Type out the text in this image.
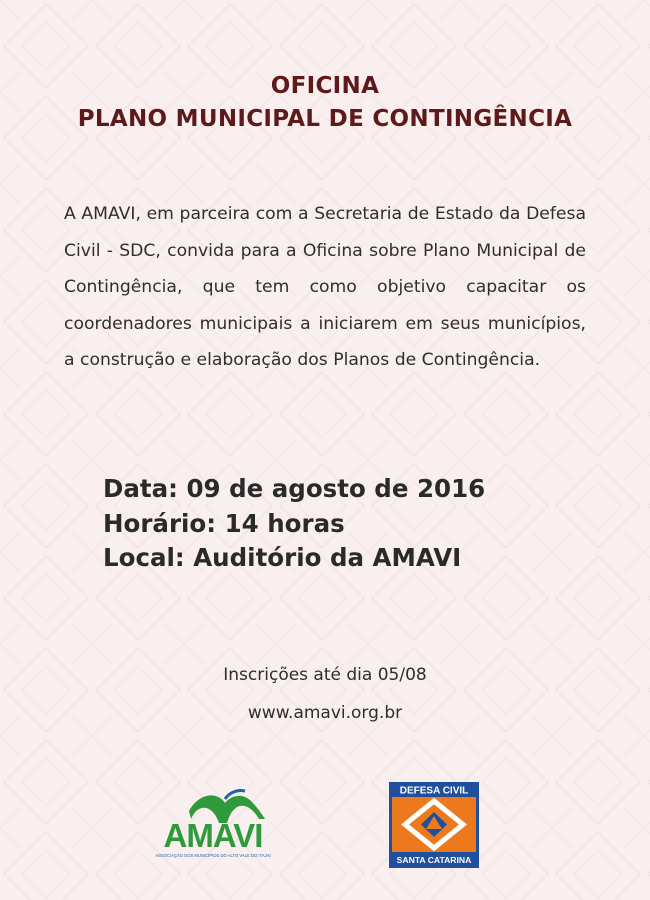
OFICINA
PLANO MUNICIPAL DE CONTINGÊNCIA
A AMAVI, em parceira com a Secretaria de Estado da Defesa Civil - SDC, convida para a Oficina sobre Plano Municipal de Contingência, que tem como objetivo capacitar os coordenadores municipais a iniciarem em seus municípios, a construção e elaboração dos Planos de Contingência.
Data: 09 de agosto de 2016
Horário: 14 horas
Local: Auditório da AMAVI
Inscrições até dia 05/08
www.amavi.org.br
AMAVI
ASSOCIAÇÃO DOS MUNICÍPIOS DO ALTO VALE DO ITAJAÍ
DEFESA CIVIL
SANTA CATARINA
